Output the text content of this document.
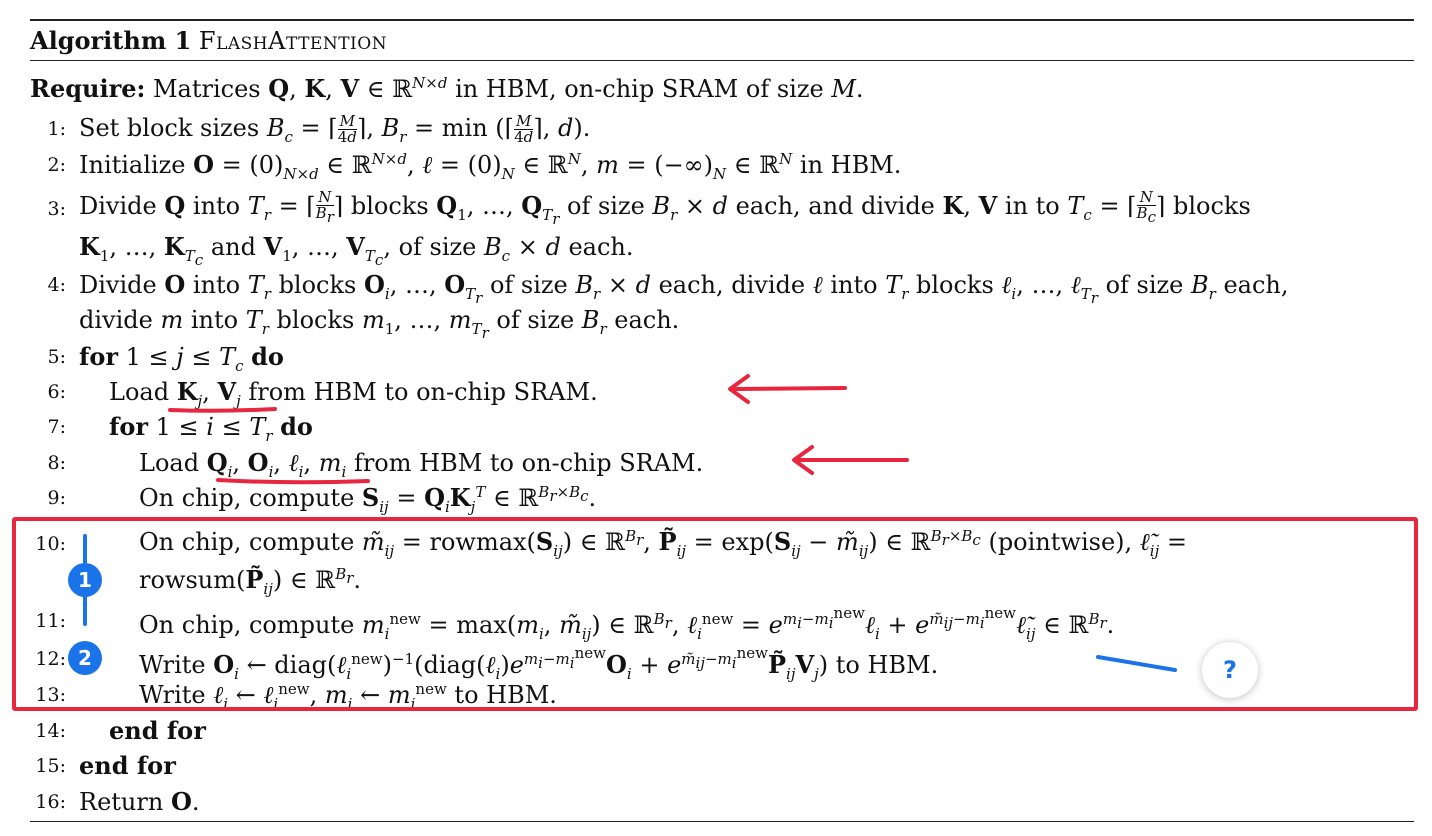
Algorithm 1 FlashAttention
Require: Matrices Q, K, V ∈ ℝ$^{N\times d}$ in HBM, on-chip SRAM of size M.
1: Set block sizes $B_c$ = ⌈ $\frac{M}{4d}$ ⌉, $B_r = \min$ (⌈ $\frac{M}{4d}$ ⌉, d).
2: Initialize $O = (0)_{N\times d}$ ∈ ℝ$^{N\times d}$, ℓ = $(0)_N$ ∈ ℝ$^N$, $m = (-\infty)_N$ ∈ ℝ$^N$ in HBM.
3: Divide Q into $T_r$ = ⌈ $\frac{N}{B_r}$ ⌉ blocks $Q_1$, …, $Q_{T_r}$ of size $B_r \times d$ each, and divide K, V in to $T_c$ = ⌈ $\frac{N}{B_c}$ ⌉ blocks
$K_1$, …, $K_{T_c}$ and $V_1$, …, $V_{T_c}$, of size $B_c \times d$ each.
4: Divide O into $T_r$ blocks $O_i$, …, $O_{T_r}$ of size $B_r \times d$ each, divide ℓ into $T_r$ blocks ℓ$_i$, …, ℓ$_{T_r}$ of size $B_r$ each,
divide m into $T_r$ blocks $m_1$, …, $m_{T_r}$ of size $B_r$ each.
5: for $1 \le j \le T_c$ do
6: Load $K_j$, $V_j$ from HBM to on-chip SRAM.
7: for $1 \le i \le T_r$ do
8:	Load $Q_i$, $O_i$, ℓ$_i$, $m_i$ from HBM to on-chip SRAM.
9:	On chip, compute $S_{ij} = Q_iK_j^T$ ∈ ℝ$^{B_r\times B_c}$.
10:	On chip, compute $m̃_{ij} = rowmax(S_{ij})$ ∈ ℝ$^{B_r}$, $P̃_{ij} = \exp(S_{ij}$ − $m̃_{ij}$) ∈ ℝ$^{B_r\times B_c}$ (pointwise), $\ell̃_{ij}$ =
$rowsum(P̃_{ij})$ ∈ ℝ$^{B_r}$.
11:	On chip, compute $m_i^{new} = \max(m_i$, $m̃_{ij}$) ∈ ℝ$^{B_r}$, ℓ$_i^{new}$ = $e^{m_i-m_i^{new}}\ell_i$ + $e^{m̃_{ij}-m_i^{new}}\ell̃_{ij}$ ∈ ℝ$^{B_r}$.
12:	Write $O_i$ ← $diag(\ell_i^{new})^{-1}(diag(\ell_i)e^{m_i-m_i^{new}}O_i$ + $e^{m̃_{ij}-m_i^{new}}P̃_{ij}V_j$) to HBM.
13:	Write ℓ$_i$ ← ℓ$_i^{new}$, $m_i$ ← $m_i^{new}$ to HBM.
14: end for
15: end for
16: Return O.
1
2	?
